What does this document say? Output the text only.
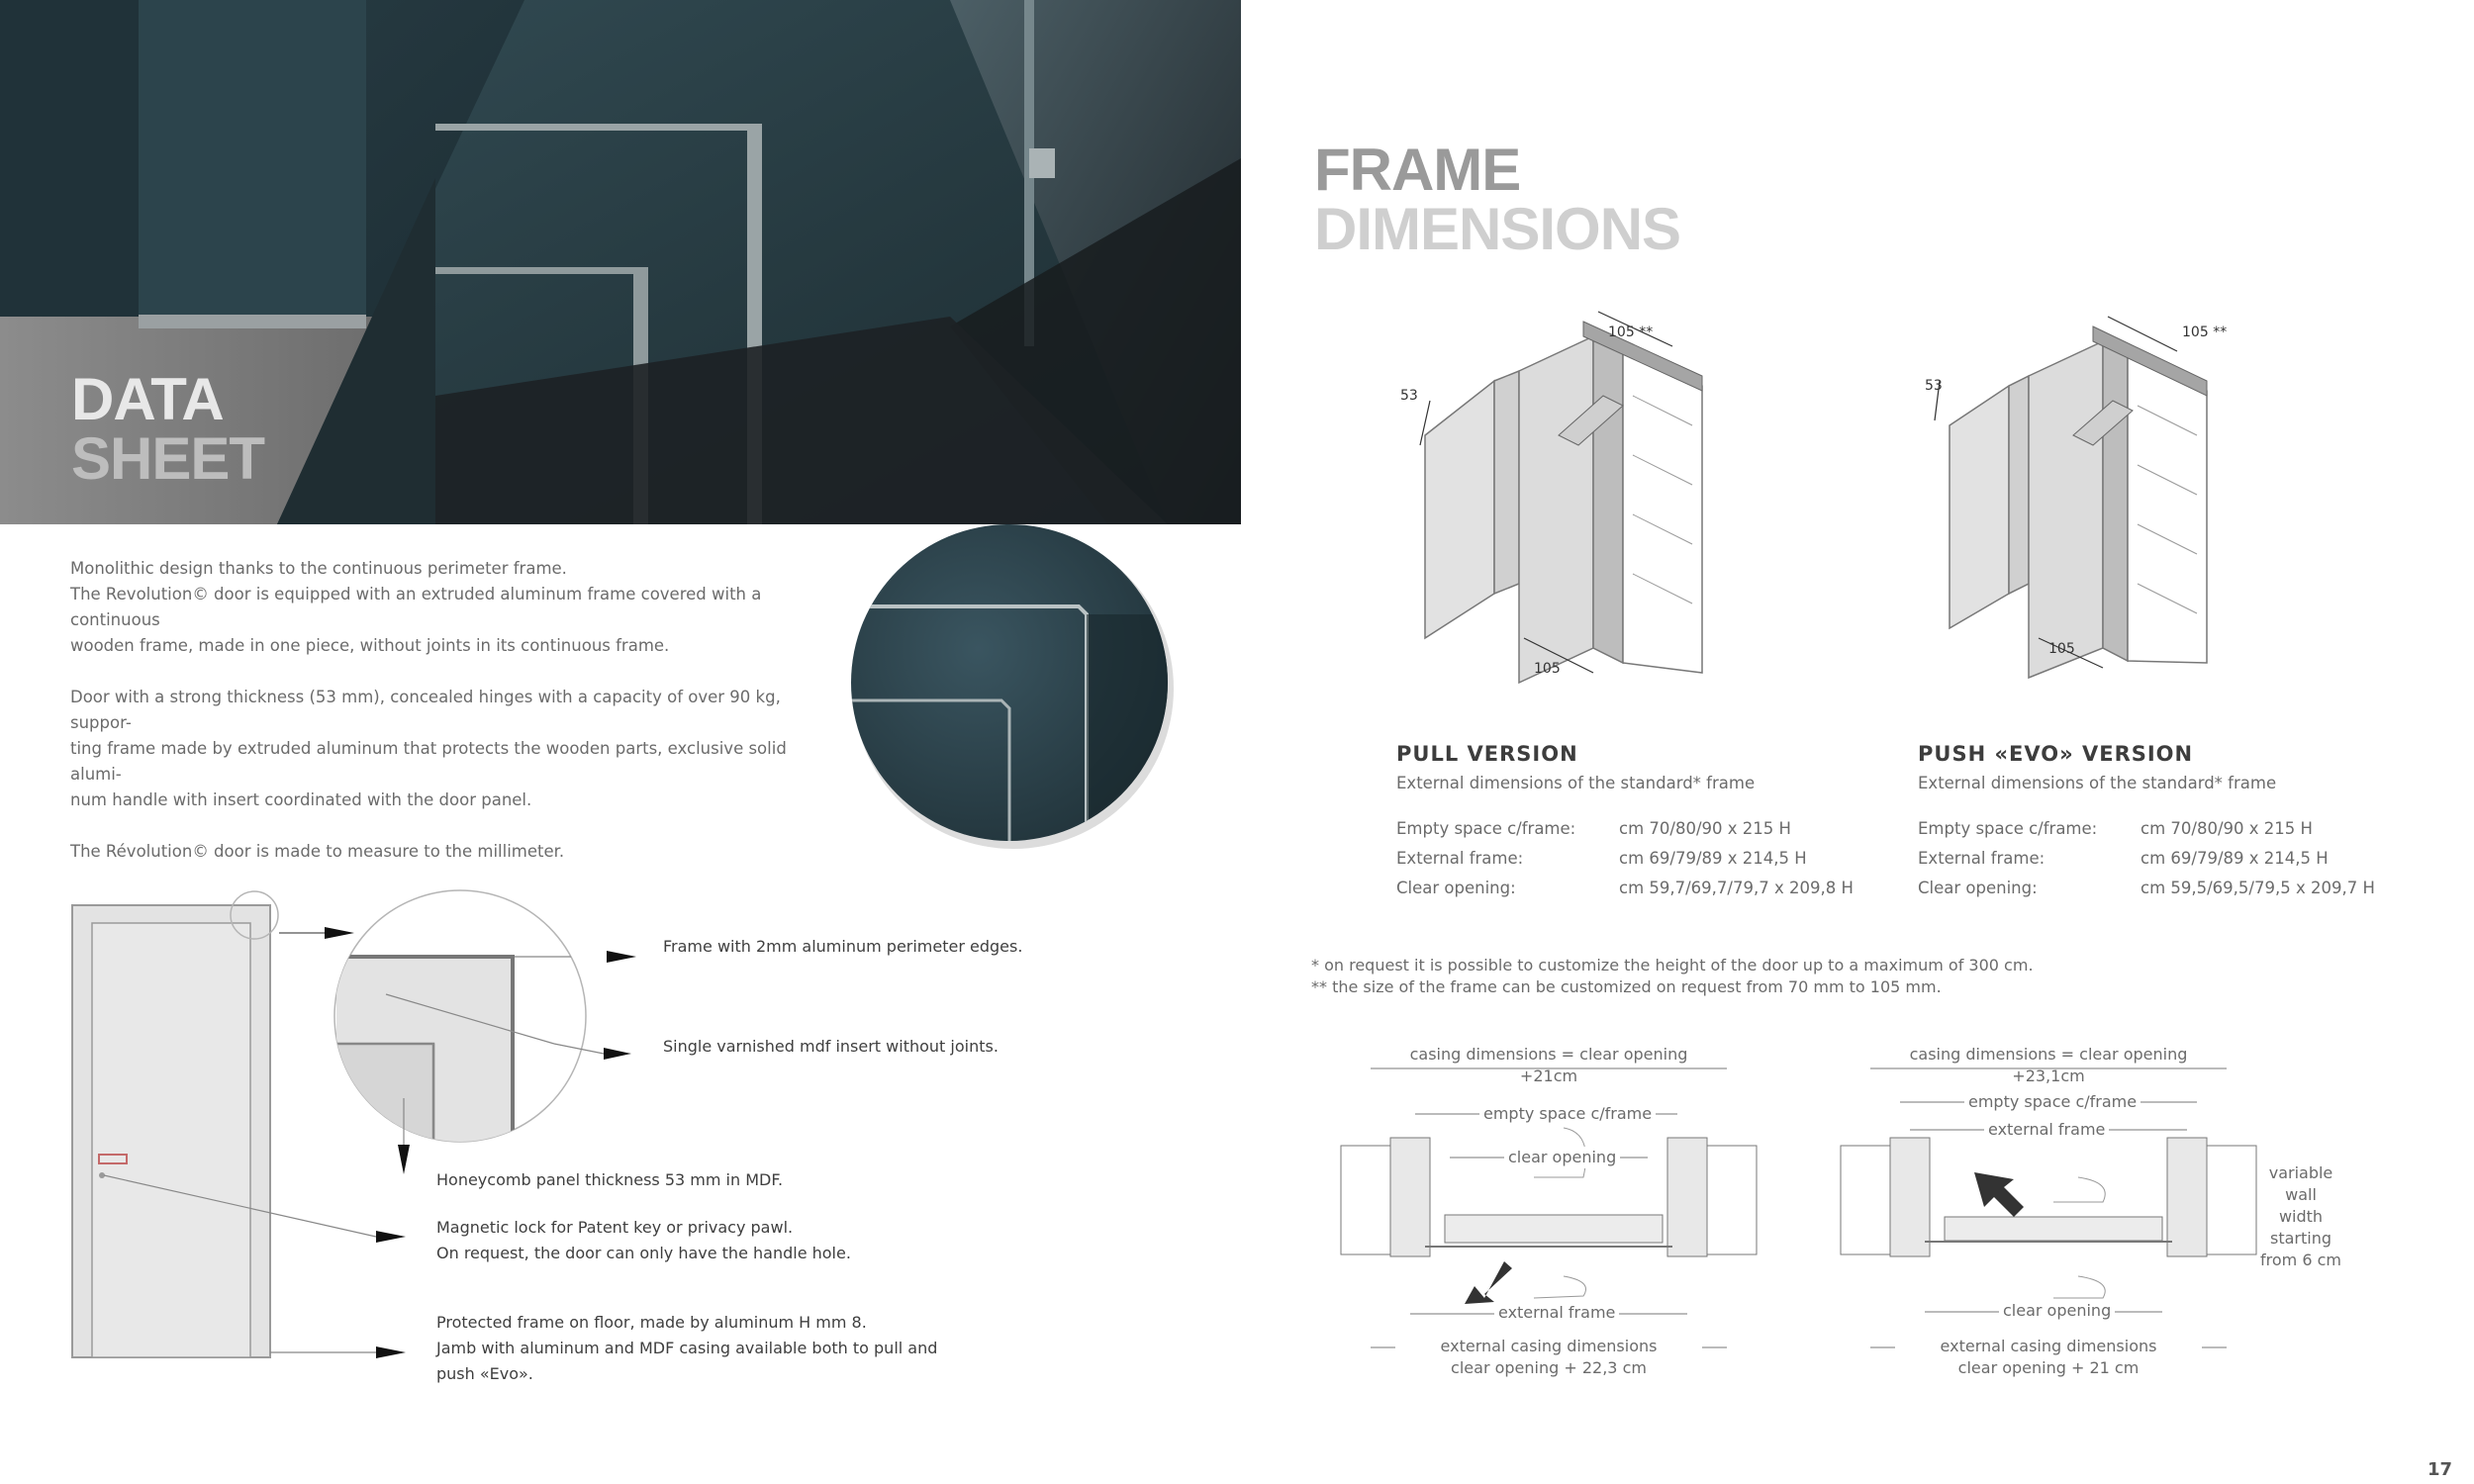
DATA
SHEET

Monolithic design thanks to the continuous perimeter frame.
The Revolution© door is equipped with an extruded aluminum frame covered with a continuous
wooden frame, made in one piece, without joints in its continuous frame.

Door with a strong thickness (53 mm), concealed hinges with a capacity of over 90 kg, suppor-
ting frame made by extruded aluminum that protects the wooden parts, exclusive solid alumi-
num handle with insert coordinated with the door panel.

The Révolution© door is made to measure to the millimeter.

Frame with 2mm aluminum perimeter edges.
Single varnished mdf insert without joints.
Honeycomb panel thickness 53 mm in MDF.
Magnetic lock for Patent key or privacy pawl.
On request, the door can only have the handle hole.
Protected frame on floor, made by aluminum H mm 8.
Jamb with aluminum and MDF casing available both to pull and
push «Evo».
FRAME
DIMENSIONS
105 **
53
105
105 **
53
105
PULL VERSION
External dimensions of the standard* frame
Empty space c/frame:	cm 70/80/90 x 215 H
External frame:	cm 69/79/89 x 214,5 H
Clear opening:	cm 59,7/69,7/79,7 x 209,8 H
PUSH «EVO» VERSION
External dimensions of the standard* frame
Empty space c/frame:	cm 70/80/90 x 215 H
External frame:	cm 69/79/89 x 214,5 H
Clear opening:	cm 59,5/69,5/79,5 x 209,7 H
* on request it is possible to customize the height of the door up to a maximum of 300 cm.
** the size of the frame can be customized on request from 70 mm to 105 mm.
casing dimensions = clear opening
+21cm
empty space c/frame
clear opening
external frame
external casing dimensions
clear opening + 22,3 cm
casing dimensions = clear opening
+23,1cm
empty space c/frame
external frame
clear opening
external casing dimensions
clear opening + 21 cm
variable wall
width starting
from 6 cm
17
